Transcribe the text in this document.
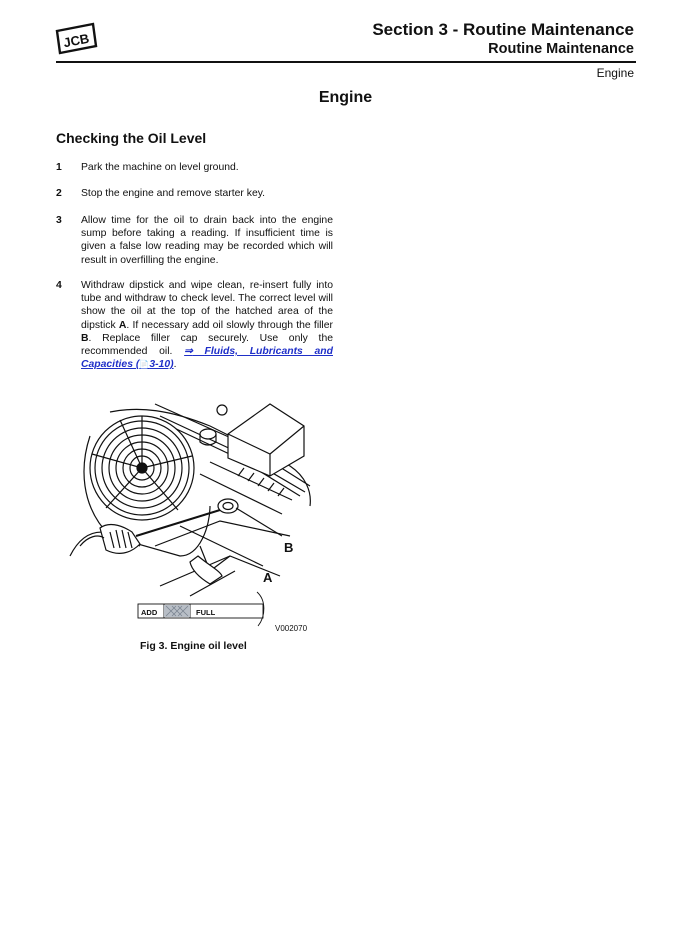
JCB
Section 3 - Routine Maintenance
Routine Maintenance
Engine
Engine
Checking the Oil Level
1 Park the machine on level ground.
2 Stop the engine and remove starter key.
3 Allow time for the oil to drain back into the engine sump before taking a reading. If insufficient time is given a false low reading may be recorded which will result in overfilling the engine.
4 Withdraw dipstick and wipe clean, re-insert fully into tube and withdraw to check level. The correct level will show the oil at the top of the hatched area of the dipstick A. If necessary add oil slowly through the filler B. Replace filler cap securely. Use only the recommended oil. ⇒ Fluids, Lubricants and Capacities (📄3-10).
ADD	FULL
B
A
V002070
Fig 3. Engine oil level
